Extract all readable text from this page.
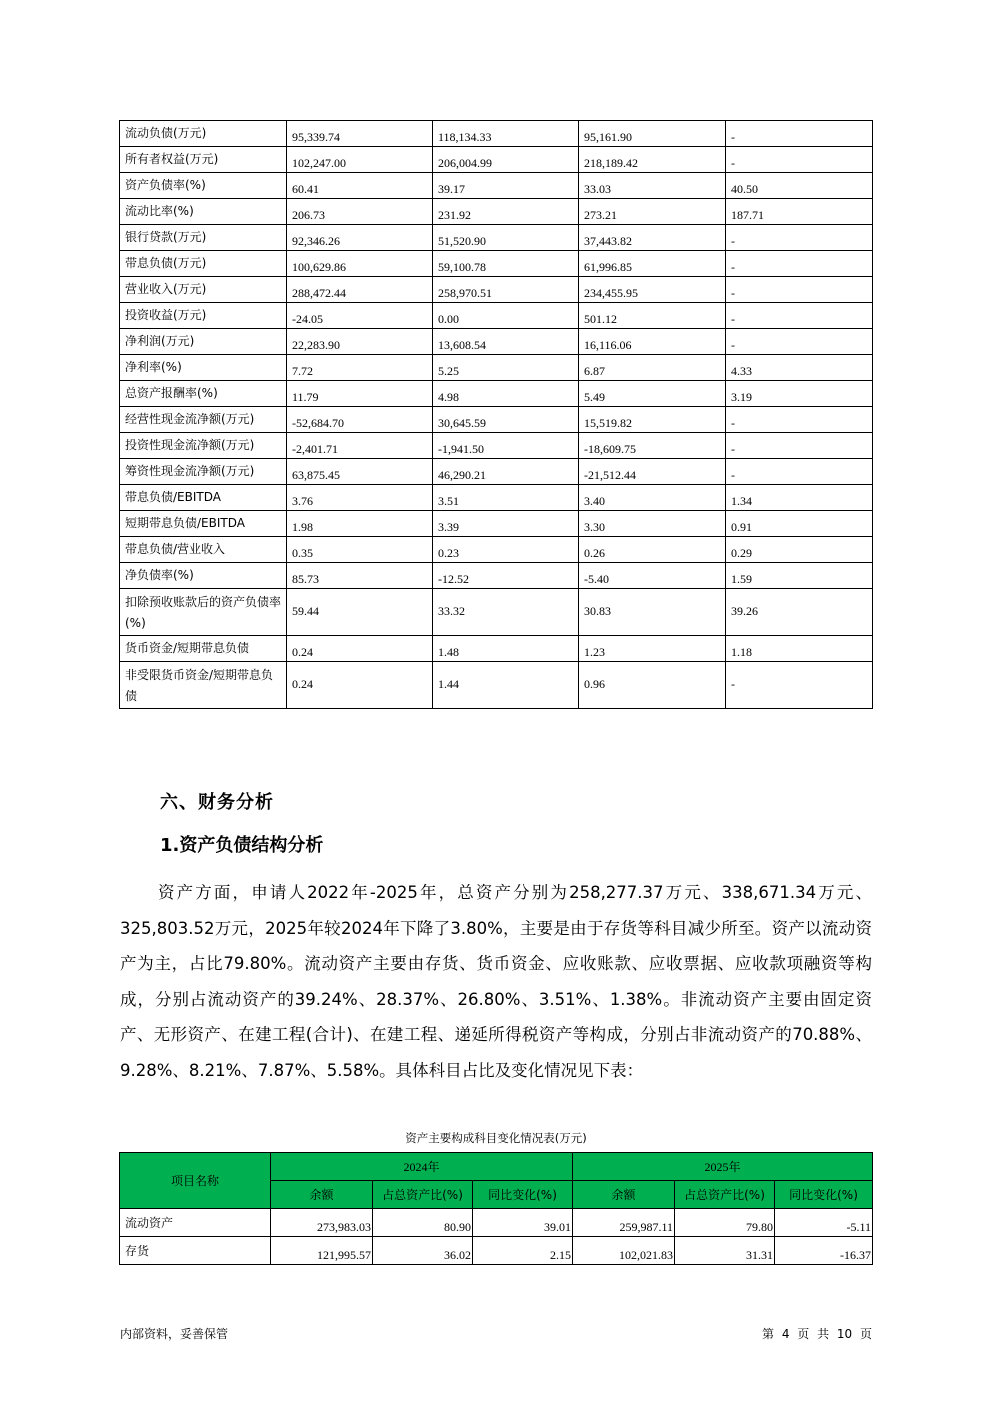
流动负债(万元)	95,339.74	118,134.33	95,161.90	-
所有者权益(万元)	102,247.00	206,004.99	218,189.42	-
资产负债率(%)	60.41	39.17	33.03	40.50
流动比率(%)	206.73	231.92	273.21	187.71
银行贷款(万元)	92,346.26	51,520.90	37,443.82	-
带息负债(万元)	100,629.86	59,100.78	61,996.85	-
营业收入(万元)	288,472.44	258,970.51	234,455.95	-
投资收益(万元)	-24.05	0.00	501.12	-
净利润(万元)	22,283.90	13,608.54	16,116.06	-
净利率(%)	7.72	5.25	6.87	4.33
总资产报酬率(%)	11.79	4.98	5.49	3.19
经营性现金流净额(万元)	-52,684.70	30,645.59	15,519.82	-
投资性现金流净额(万元)	-2,401.71	-1,941.50	-18,609.75	-
筹资性现金流净额(万元)	63,875.45	46,290.21	-21,512.44	-
带息负债/EBITDA	3.76	3.51	3.40	1.34
短期带息负债/EBITDA	1.98	3.39	3.30	0.91
带息负债/营业收入	0.35	0.23	0.26	0.29
净负债率(%)	85.73	-12.52	-5.40	1.59
扣除预收账款后的资产负债率(%)	59.44	33.32	30.83	39.26
货币资金/短期带息负债	0.24	1.48	1.23	1.18
非受限货币资金/短期带息负债	0.24	1.44	0.96	-
六、财务分析
1.资产负债结构分析
资产方面，申请人2022年-2025年，总资产分别为258,277.37万元、338,671.34万元、325,803.52万元，2025年较2024年下降了3.80%，主要是由于存货等科目减少所至。资产以流动资产为主，占比79.80%。流动资产主要由存货、货币资金、应收账款、应收票据、应收款项融资等构成，分别占流动资产的39.24%、28.37%、26.80%、3.51%、1.38%。非流动资产主要由固定资产、无形资产、在建工程(合计)、在建工程、递延所得税资产等构成，分别占非流动资产的70.88%、9.28%、8.21%、7.87%、5.58%。具体科目占比及变化情况见下表：
资产主要构成科目变化情况表(万元)
项目名称	2024年			2025年		
	余额	占总资产比(%)	同比变化(%)	余额	占总资产比(%)	同比变化(%)
流动资产	273,983.03	80.90	39.01	259,987.11	79.80	-5.11
存货	121,995.57	36.02	2.15	102,021.83	31.31	-16.37
内部资料，妥善保管	第 4 页 共 10 页
